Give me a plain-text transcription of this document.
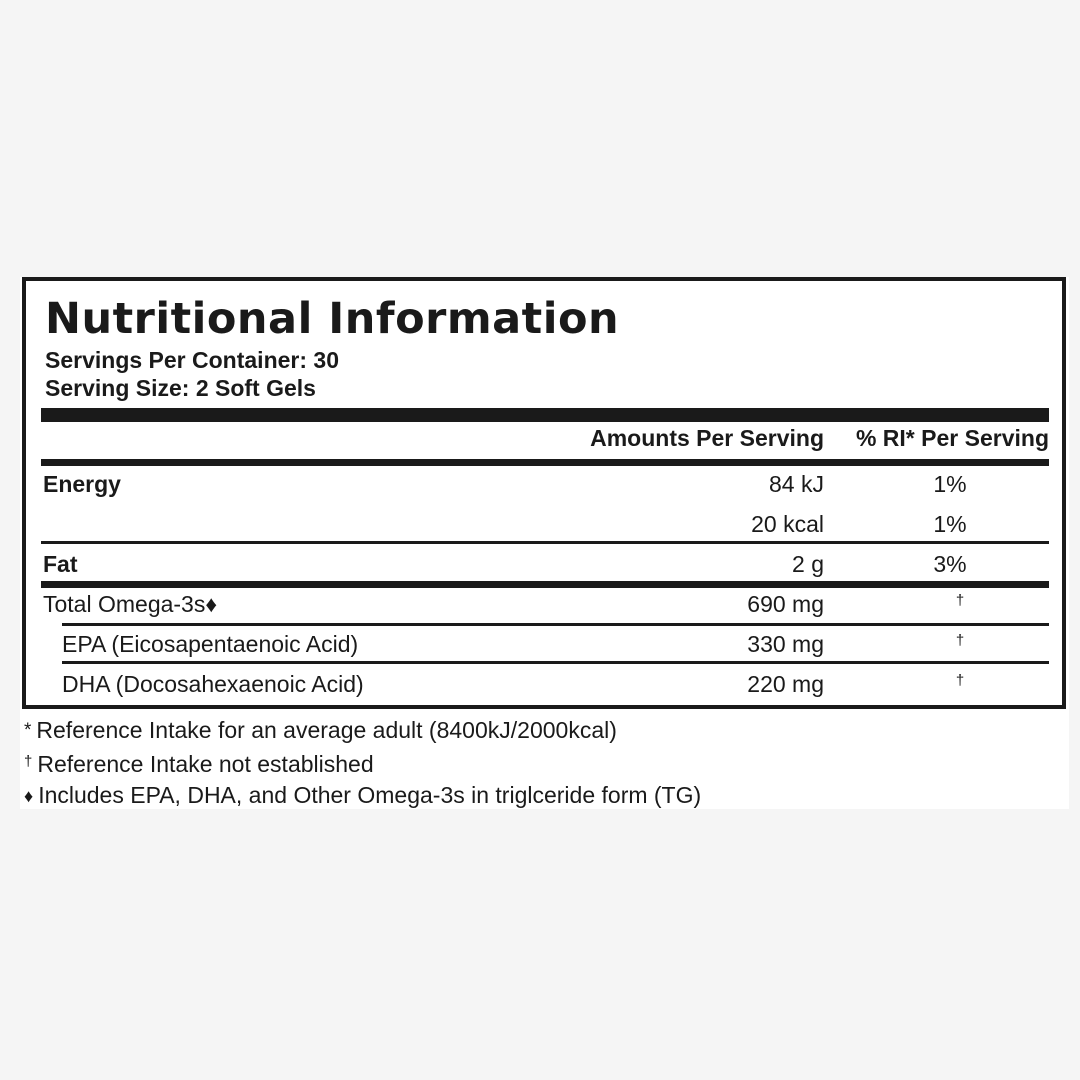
Nutritional Information
Servings Per Container: 30
Serving Size: 2 Soft Gels
Amounts Per Serving	% RI* Per Serving
Energy	84 kJ	1%
20 kcal	1%
Fat	2 g	3%
Total Omega-3s♦	690 mg	†
EPA (Eicosapentaenoic Acid)	330 mg	†
DHA (Docosahexaenoic Acid)	220 mg	†
* Reference Intake for an average adult (8400kJ/2000kcal)
† Reference Intake not established
♦ Includes EPA, DHA, and Other Omega-3s in triglceride form (TG)
